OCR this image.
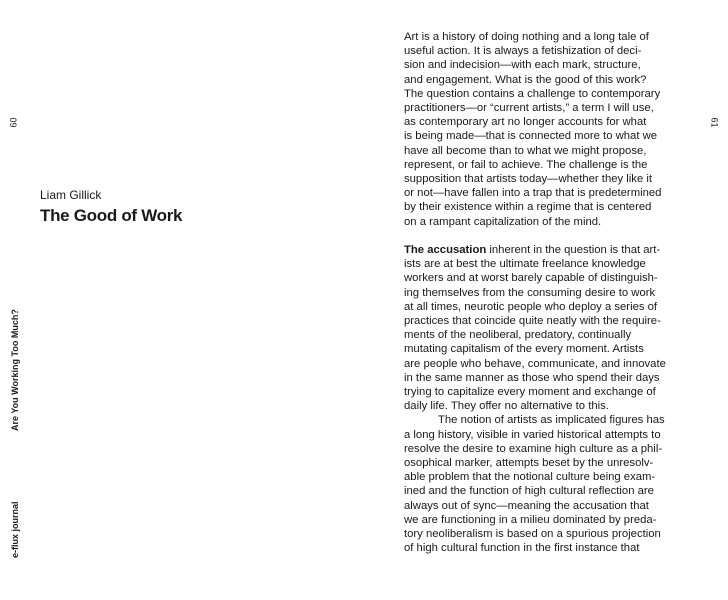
60
e-flux journal
Are You Working Too Much?
Liam Gillick
The Good of Work
61

Art is a history of doing nothing and a long tale of
useful action. It is always a fetishization of deci-
sion and indecision—with each mark, structure,
and engagement. What is the good of this work?
The question contains a challenge to contemporary
practitioners—or “current artists,” a term I will use,
as contemporary art no longer accounts for what
is being made—that is connected more to what we
have all become than to what we might propose,
represent, or fail to achieve. The challenge is the
supposition that artists today—whether they like it
or not—have fallen into a trap that is predetermined
by their existence within a regime that is centered
on a rampant capitalization of the mind.

The accusation inherent in the question is that art-
ists are at best the ultimate freelance knowledge
workers and at worst barely capable of distinguish-
ing themselves from the consuming desire to work
at all times, neurotic people who deploy a series of
practices that coincide quite neatly with the require-
ments of the neoliberal, predatory, continually
mutating capitalism of the every moment. Artists
are people who behave, communicate, and innovate
in the same manner as those who spend their days
trying to capitalize every moment and exchange of
daily life. They offer no alternative to this.

The notion of artists as implicated figures has
a long history, visible in varied historical attempts to
resolve the desire to examine high culture as a phil-
osophical marker, attempts beset by the unresolv-
able problem that the notional culture being exam-
ined and the function of high cultural reflection are
always out of sync—meaning the accusation that
we are functioning in a milieu dominated by preda-
tory neoliberalism is based on a spurious projection
of high cultural function in the first instance that
